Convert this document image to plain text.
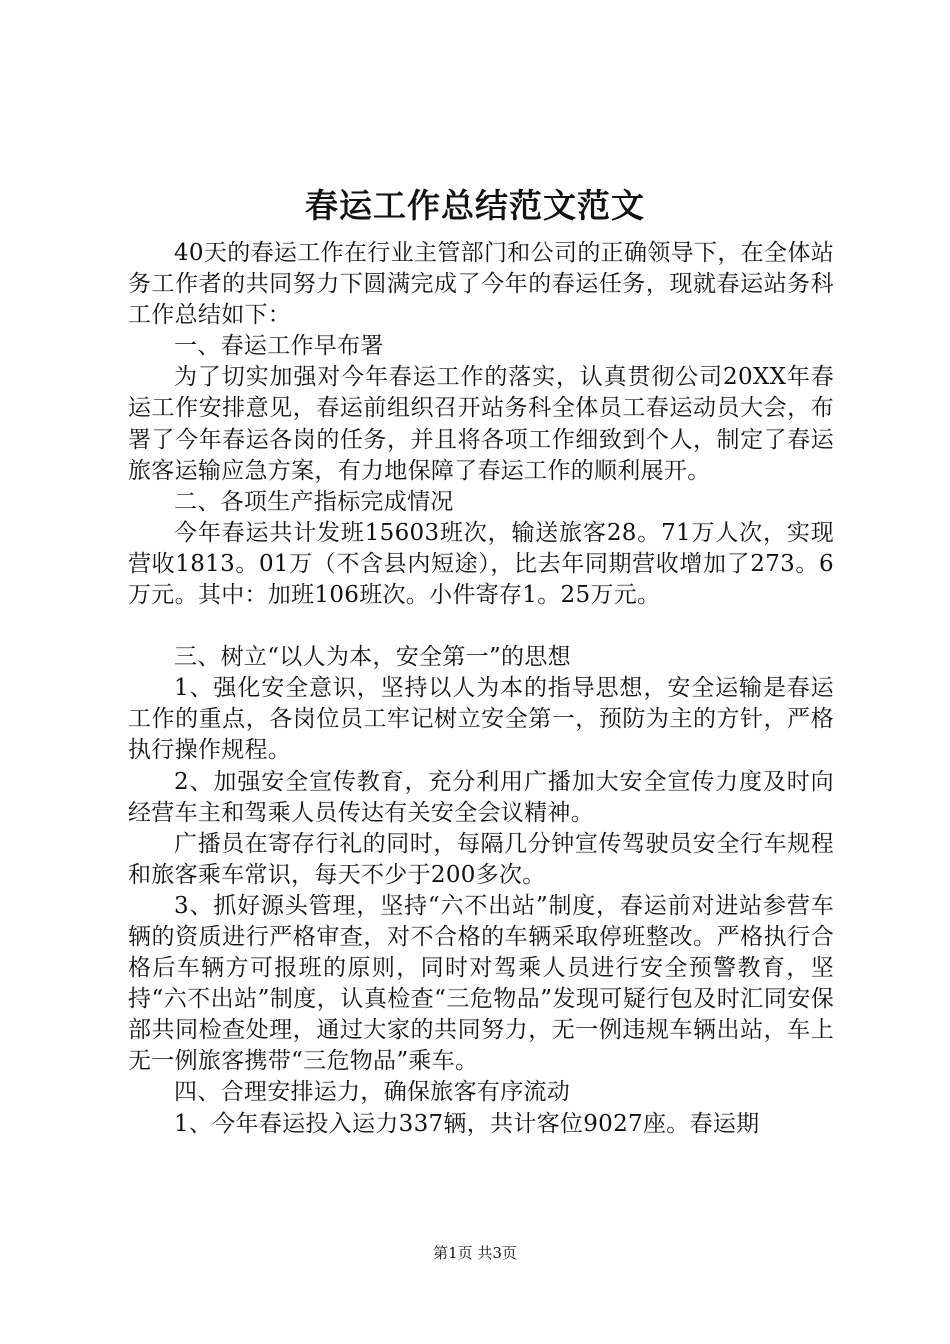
春运工作总结范文范文

40天的春运工作在行业主管部门和公司的正确领导下，在全体站务工作者的共同努力下圆满完成了今年的春运任务，现就春运站务科工作总结如下：

一、春运工作早布署

为了切实加强对今年春运工作的落实，认真贯彻公司20XX年春运工作安排意见，春运前组织召开站务科全体员工春运动员大会，布署了今年春运各岗的任务，并且将各项工作细致到个人，制定了春运旅客运输应急方案，有力地保障了春运工作的顺利展开。

二、各项生产指标完成情况

今年春运共计发班15603班次，输送旅客28。71万人次，实现营收1813。01万（不含县内短途），比去年同期营收增加了273。6万元。其中：加班106班次。小件寄存1。25万元。

三、树立“以人为本，安全第一”的思想

1、强化安全意识，坚持以人为本的指导思想，安全运输是春运工作的重点，各岗位员工牢记树立安全第一，预防为主的方针，严格执行操作规程。

2、加强安全宣传教育，充分利用广播加大安全宣传力度及时向经营车主和驾乘人员传达有关安全会议精神。

广播员在寄存行礼的同时，每隔几分钟宣传驾驶员安全行车规程和旅客乘车常识，每天不少于200多次。

3、抓好源头管理，坚持“六不出站”制度，春运前对进站参营车辆的资质进行严格审查，对不合格的车辆采取停班整改。严格执行合格后车辆方可报班的原则，同时对驾乘人员进行安全预警教育，坚持“六不出站”制度，认真检查“三危物品”发现可疑行包及时汇同安保部共同检查处理，通过大家的共同努力，无一例违规车辆出站，车上无一例旅客携带“三危物品”乘车。

四、合理安排运力，确保旅客有序流动

1、今年春运投入运力337辆，共计客位9027座。春运期

第1页 共3页
